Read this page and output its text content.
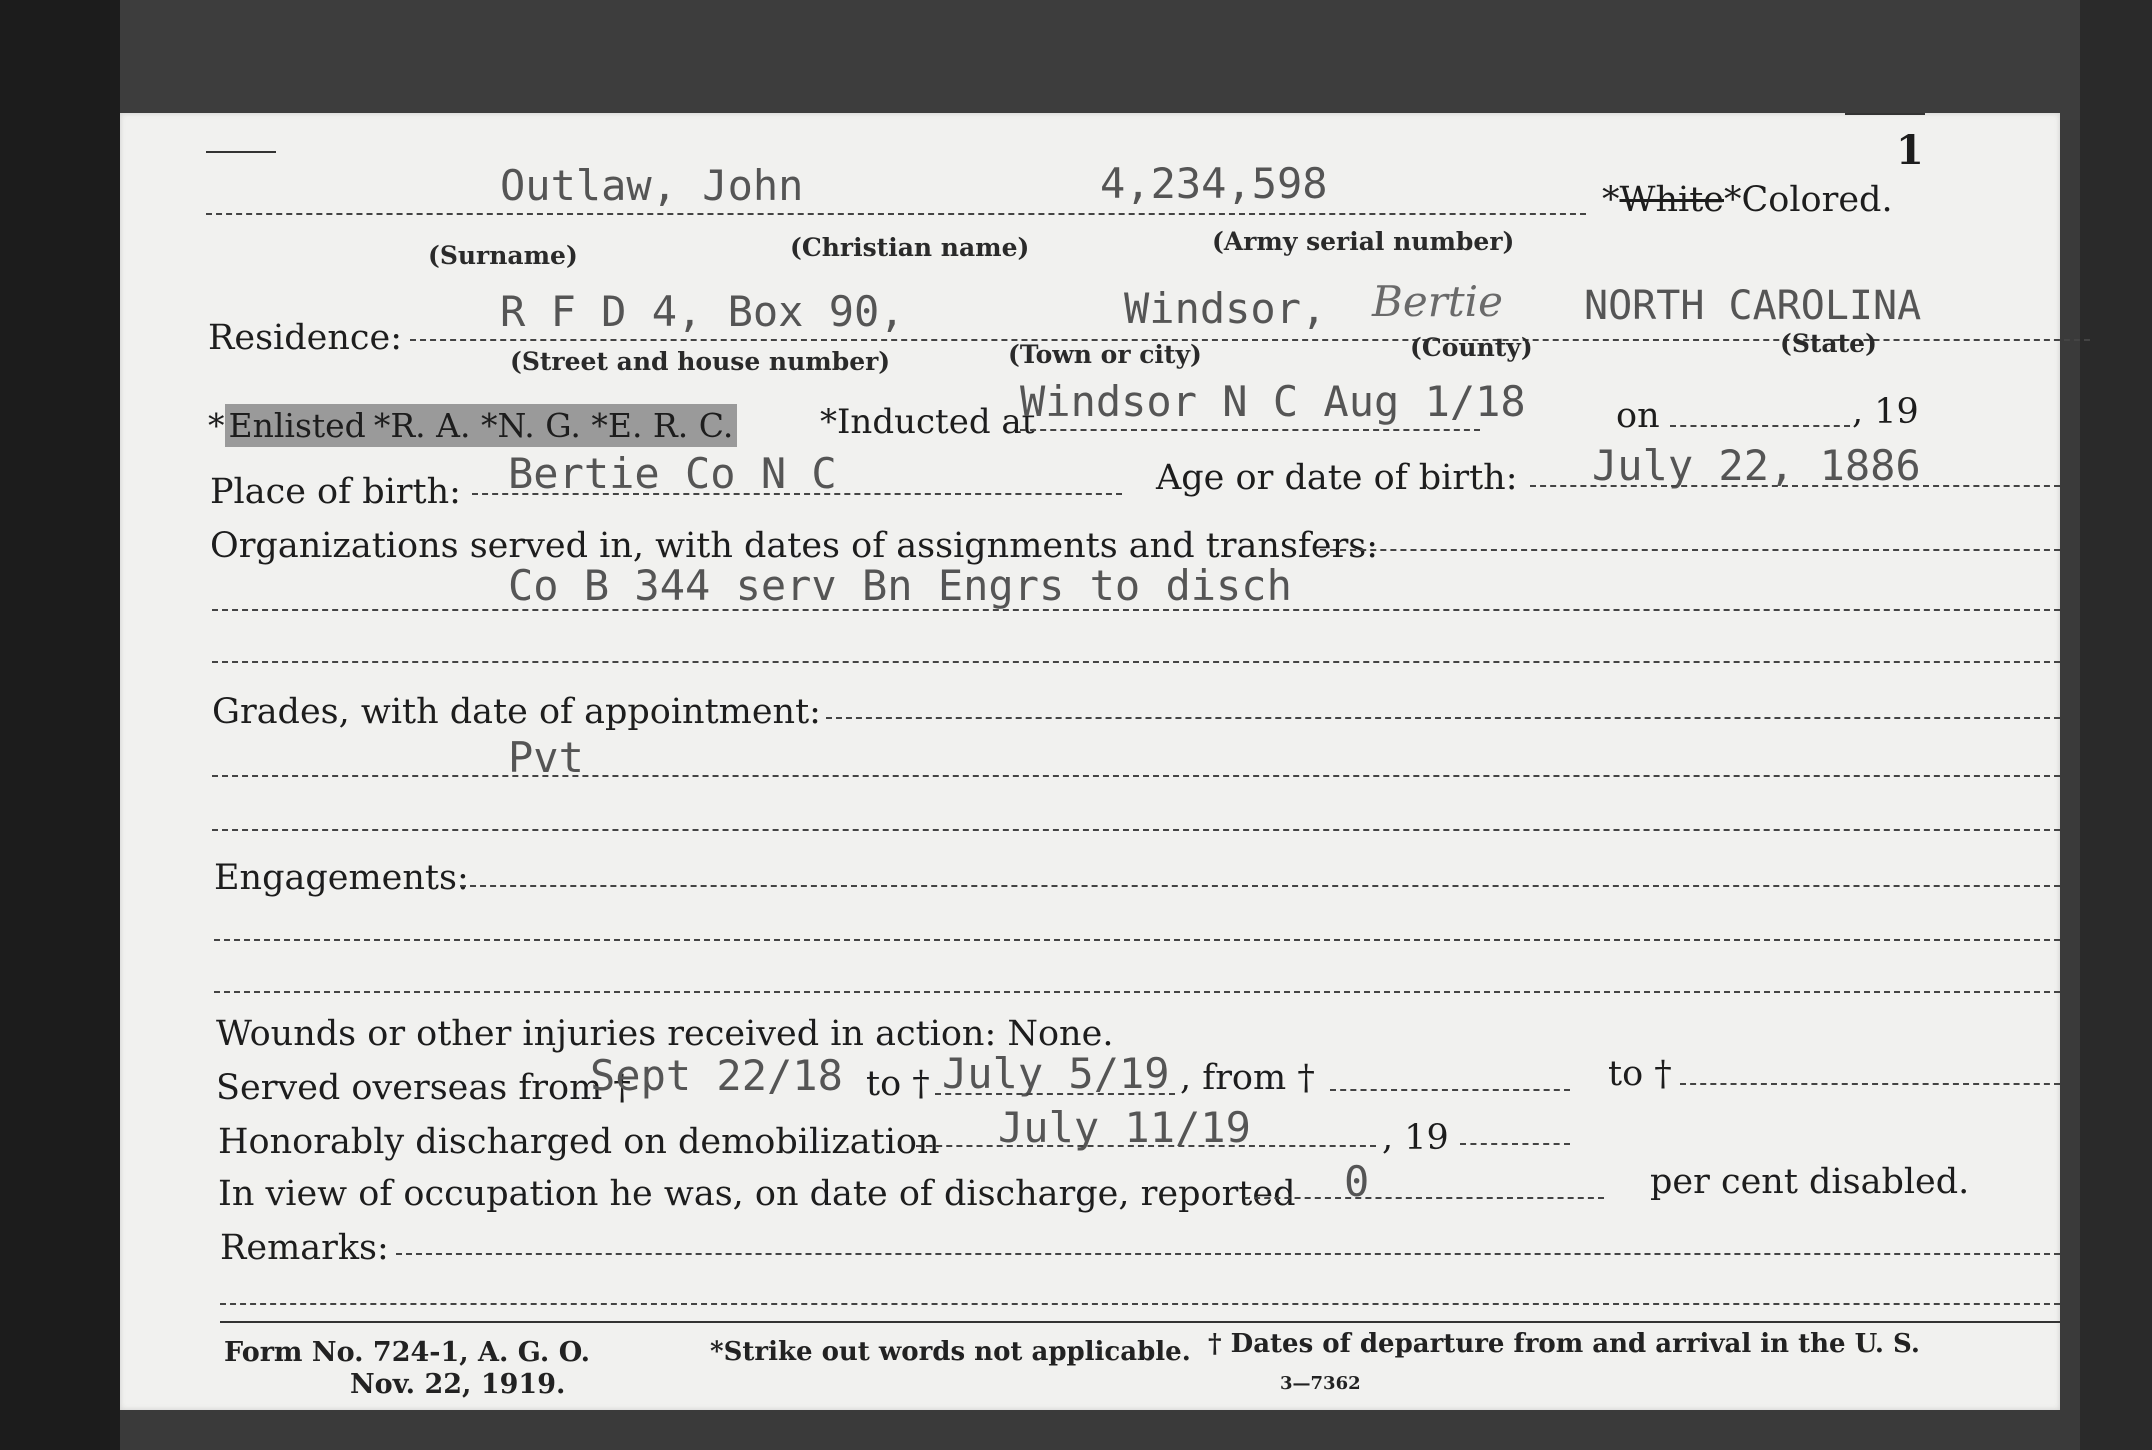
1
Outlaw, John	4,234,598	*White*Colored.
(Surname)	(Christian name)	(Army serial number)
Residence:
R F D 4, Box 90,	Windsor, Bertie NORTH CAROLINA
(Street and house number)	(Town or city)	(County)	(State)
* Enlisted *R. A. *N. G. *E. R. C.	*Inducted at
Windsor N C Aug 1/18	on	, 19
Place of birth: Bertie Co N C	Age or date of birth: July 22, 1886
Organizations served in, with dates of assignments and transfers:
Co B 344 serv Bn Engrs to disch
Grades, with date of appointment:
Pvt
Engagements:
Wounds or other injuries received in action: None.
Served overseas from †
Sept 22/18 to † July 5/19 , from †	to †
Honorably discharged on demobilization July 11/19	, 19
In view of occupation he was, on date of discharge, reported 0	per cent disabled.
Remarks:
Form No. 724-1, A. G. O.
Nov. 22, 1919.
*Strike out words not applicable. † Dates of departure from and arrival in the U. S.
3—7362
